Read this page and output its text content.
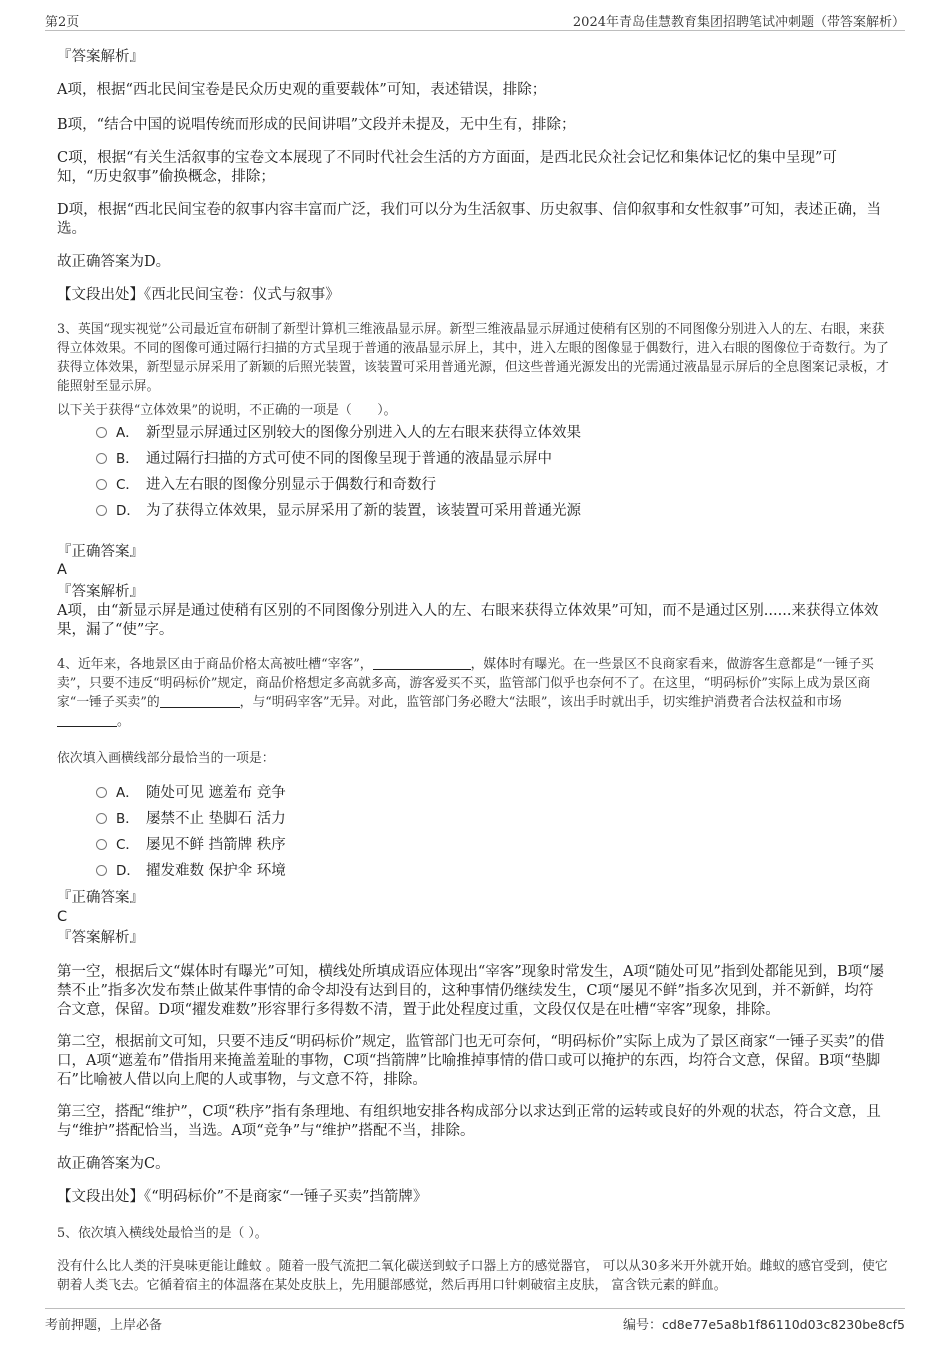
第2页	2024年青岛佳慧教育集团招聘笔试冲刺题（带答案解析）
『答案解析』
A项，根据“西北民间宝卷是民众历史观的重要载体”可知，表述错误，排除；
B项，“结合中国的说唱传统而形成的民间讲唱”文段并未提及，无中生有，排除；
C项，根据“有关生活叙事的宝卷文本展现了不同时代社会生活的方方面面，是西北民众社会记忆和集体记忆的集中呈现”可知，“历史叙事”偷换概念，排除；
D项，根据“西北民间宝卷的叙事内容丰富而广泛，我们可以分为生活叙事、历史叙事、信仰叙事和女性叙事”可知，表述正确，当选。
故正确答案为D。
【文段出处】《西北民间宝卷：仪式与叙事》
3、英国“现实视觉”公司最近宣布研制了新型计算机三维液晶显示屏。新型三维液晶显示屏通过使稍有区别的不同图像分别进入人的左、右眼，来获得立体效果。不同的图像可通过隔行扫描的方式呈现于普通的液晶显示屏上，其中，进入左眼的图像显于偶数行，进入右眼的图像位于奇数行。为了获得立体效果，新型显示屏采用了新颖的后照光装置，该装置可采用普通光源，但这些普通光源发出的光需通过液晶显示屏后的全息图案记录板，才能照射至显示屏。
以下关于获得“立体效果”的说明，不正确的一项是（　　）。
A． 新型显示屏通过区别较大的图像分别进入人的左右眼来获得立体效果
B． 通过隔行扫描的方式可使不同的图像呈现于普通的液晶显示屏中
C． 进入左右眼的图像分别显示于偶数行和奇数行
D． 为了获得立体效果，显示屏采用了新的装置，该装置可采用普通光源
『正确答案』
A
『答案解析』
A项，由“新显示屏是通过使稍有区别的不同图像分别进入人的左、右眼来获得立体效果”可知，而不是通过区别......来获得立体效果，漏了“使”字。
4、近年来，各地景区由于商品价格太高被吐槽“宰客”，	，媒体时有曝光。在一些景区不良商家看来，做游客生意都是“一锤子买卖”，只要不违反“明码标价”规定，商品价格想定多高就多高，游客爱买不买，监管部门似乎也奈何不了。在这里，“明码标价”实际上成为景区商家“一锤子买卖”的	，与“明码宰客”无异。对此，监管部门务必瞪大“法眼”，该出手时就出手，切实维护消费者合法权益和市场。
依次填入画横线部分最恰当的一项是：
A． 随处可见 遮羞布 竞争
B． 屡禁不止 垫脚石 活力
C． 屡见不鲜 挡箭牌 秩序
D． 擢发难数 保护伞 环境
『正确答案』
C
『答案解析』
第一空，根据后文“媒体时有曝光”可知，横线处所填成语应体现出“宰客”现象时常发生，A项“随处可见”指到处都能见到，B项“屡禁不止”指多次发布禁止做某件事情的命令却没有达到目的，这种事情仍继续发生，C项“屡见不鲜”指多次见到，并不新鲜，均符合文意，保留。D项“擢发难数”形容罪行多得数不清，置于此处程度过重，文段仅仅是在吐槽“宰客”现象，排除。
第二空，根据前文可知，只要不违反“明码标价”规定，监管部门也无可奈何，“明码标价”实际上成为了景区商家“一锤子买卖”的借口，A项“遮羞布”借指用来掩盖羞耻的事物，C项“挡箭牌”比喻推掉事情的借口或可以掩护的东西，均符合文意，保留。B项“垫脚石”比喻被人借以向上爬的人或事物，与文意不符，排除。
第三空，搭配“维护”，C项“秩序”指有条理地、有组织地安排各构成部分以求达到正常的运转或良好的外观的状态，符合文意，且与“维护”搭配恰当，当选。A项“竞争”与“维护”搭配不当，排除。
故正确答案为C。
【文段出处】《“明码标价”不是商家“一锤子买卖”挡箭牌》
5、依次填入横线处最恰当的是（ ）。
没有什么比人类的汗臭味更能让雌蚊 。随着一股气流把二氧化碳送到蚊子口器上方的感觉器官， 可以从30多米开外就开始。雌蚁的感官受到，使它朝着人类飞去。它循着宿主的体温落在某处皮肤上，先用腿部感觉，然后再用口针刺破宿主皮肤， 富含铁元素的鲜血。
考前押题，上岸必备	编号：cd8e77e5a8b1f86110d03c8230be8cf5
